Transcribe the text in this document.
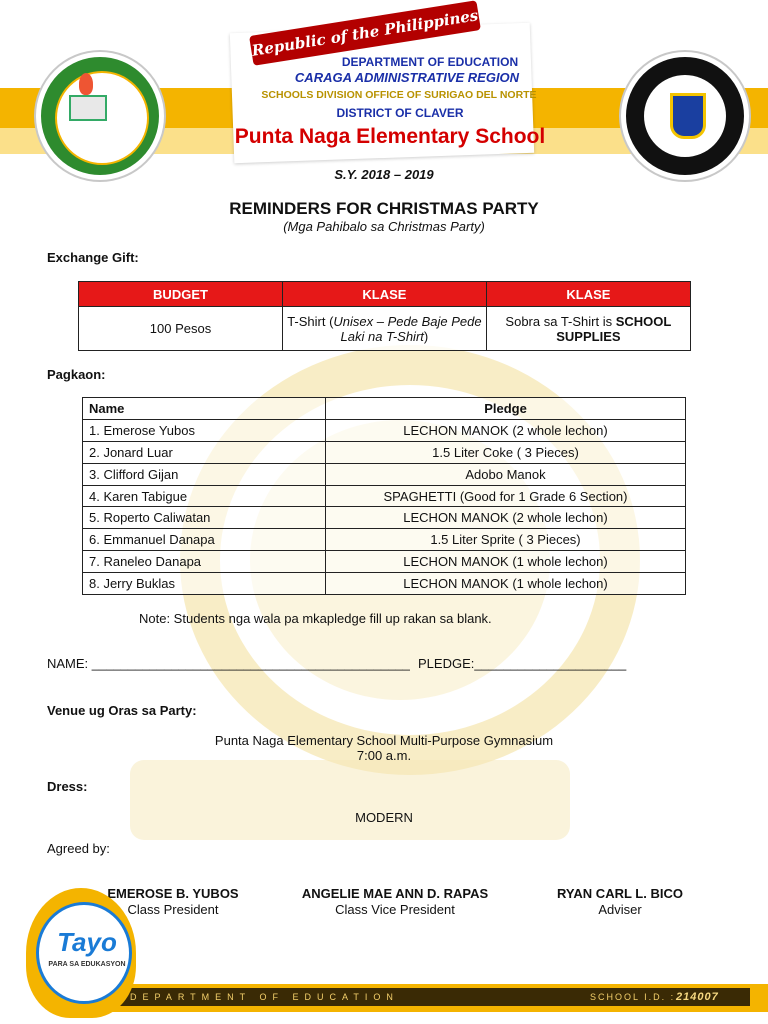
Republic of the Philippines
DEPARTMENT OF EDUCATION
CARAGA ADMINISTRATIVE REGION
SCHOOLS DIVISION OFFICE OF SURIGAO DEL NORTE
DISTRICT OF CLAVER
Punta Naga Elementary School
S.Y. 2018 – 2019
REMINDERS FOR CHRISTMAS PARTY
(Mga Pahibalo sa Christmas Party)
Exchange Gift:
BUDGET	KLASE	KLASE
100 Pesos	T-Shirt (Unisex – Pede Baje Pede Laki na T-Shirt)	Sobra sa T-Shirt is SCHOOL SUPPLIES
Pagkaon:
Name	Pledge
1. Emerose Yubos	LECHON MANOK (2 whole lechon)
2. Jonard Luar	1.5 Liter Coke ( 3 Pieces)
3. Clifford Gijan	Adobo Manok
4. Karen Tabigue	SPAGHETTI (Good for 1 Grade 6 Section)
5. Roperto Caliwatan	LECHON MANOK (2 whole lechon)
6. Emmanuel Danapa	1.5 Liter Sprite ( 3 Pieces)
7. Raneleo Danapa	LECHON MANOK (1 whole lechon)
8. Jerry Buklas	LECHON MANOK (1 whole lechon)
Note: Students nga wala pa mkapledge fill up rakan sa blank.
NAME: ____________________________________________ PLEDGE:_____________________
Venue ug Oras sa Party:
Punta Naga Elementary School Multi-Purpose Gymnasium
7:00 a.m.
Dress:
MODERN
Agreed by:
EMEROSE B. YUBOS
Class President
ANGELIE MAE ANN D. RAPAS
Class Vice President
RYAN CARL L. BICO
Adviser
DEPARTMENT OF EDUCATION	SCHOOL I.D. : 214007
Tayo
PARA SA EDUKASYON
